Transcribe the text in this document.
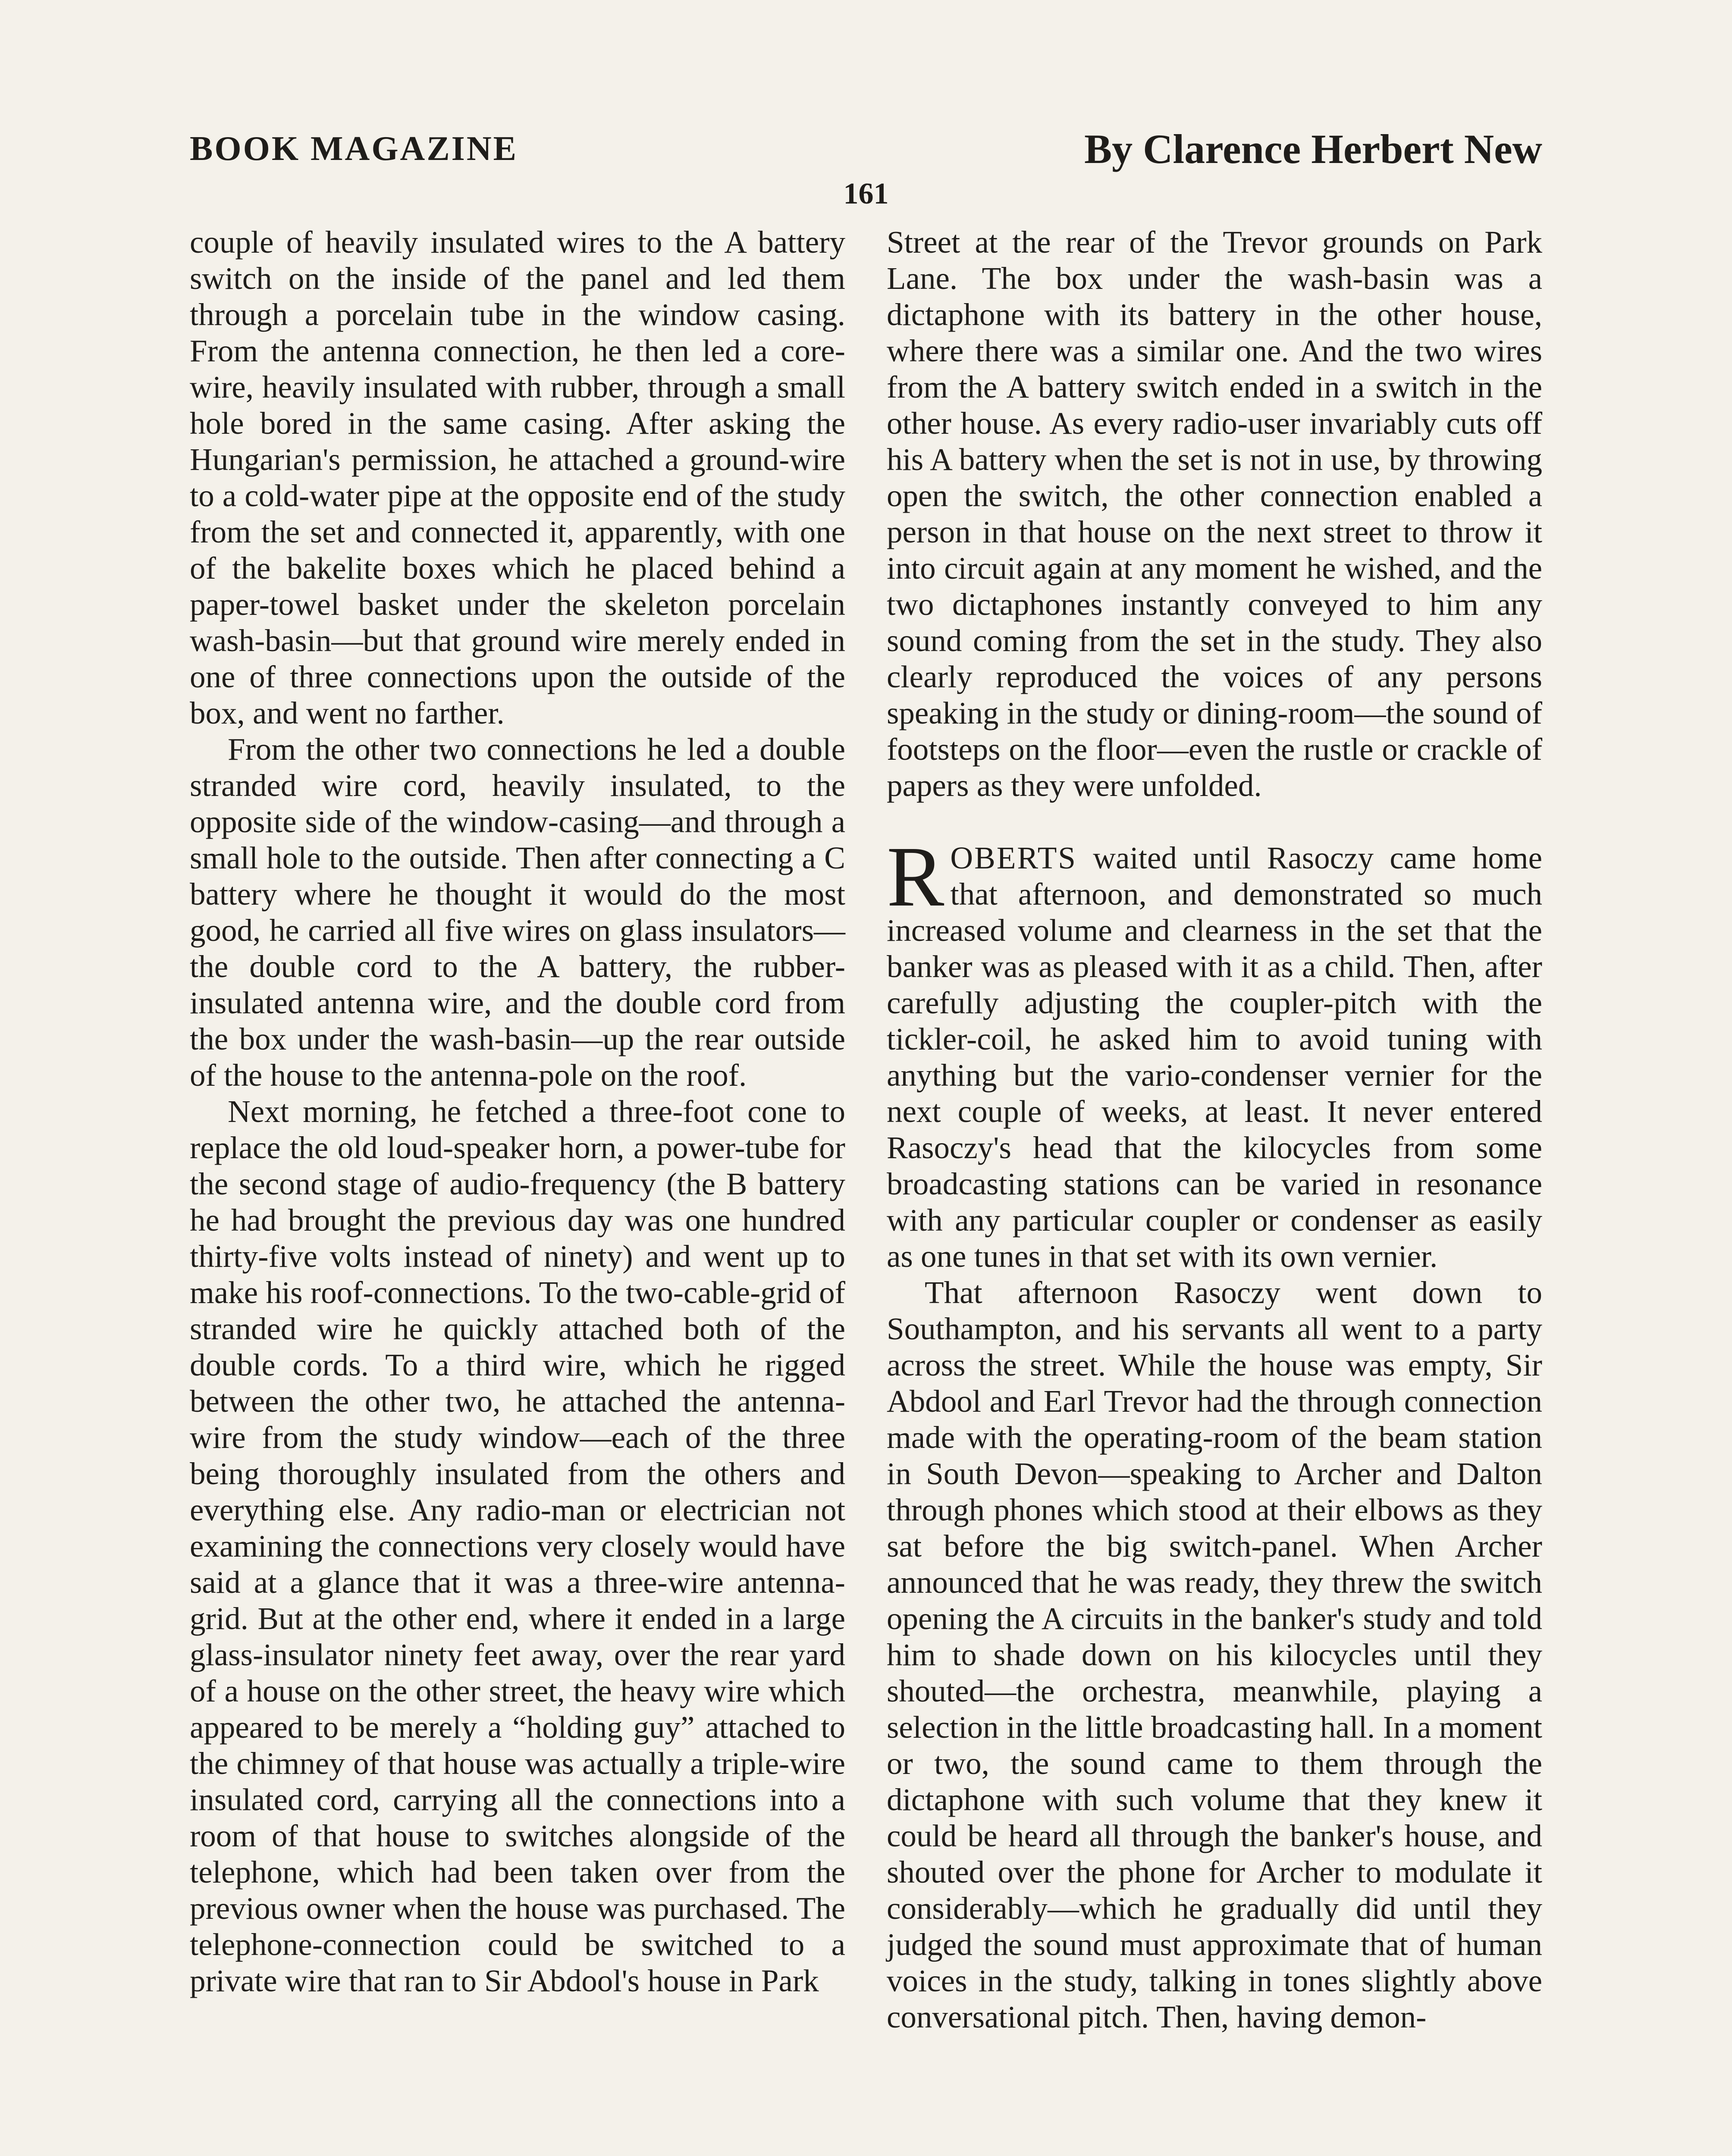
BOOK MAGAZINE	By Clarence Herbert New
161

couple of heavily insulated wires to the A battery switch on the inside of the panel and led them through a porcelain tube in the window casing. From the antenna connection, he then led a core-wire, heavily insulated with rubber, through a small hole bored in the same casing. After asking the Hungarian's permission, he attached a ground-wire to a cold-water pipe at the opposite end of the study from the set and connected it, apparently, with one of the bakelite boxes which he placed behind a paper-towel basket under the skeleton porcelain wash-basin—but that ground wire merely ended in one of three connections upon the outside of the box, and went no farther.

From the other two connections he led a double stranded wire cord, heavily insulated, to the opposite side of the window-casing—and through a small hole to the outside. Then after connecting a C battery where he thought it would do the most good, he carried all five wires on glass insulators—the double cord to the A battery, the rubber-insulated antenna wire, and the double cord from the box under the wash-basin—up the rear outside of the house to the antenna-pole on the roof.

Next morning, he fetched a three-foot cone to replace the old loud-speaker horn, a power-tube for the second stage of audio-frequency (the B battery he had brought the previous day was one hundred thirty-five volts instead of ninety) and went up to make his roof-connections. To the two-cable-grid of stranded wire he quickly attached both of the double cords. To a third wire, which he rigged between the other two, he attached the antenna-wire from the study window—each of the three being thoroughly insulated from the others and everything else. Any radio-man or electrician not examining the connections very closely would have said at a glance that it was a three-wire antenna-grid. But at the other end, where it ended in a large glass-insulator ninety feet away, over the rear yard of a house on the other street, the heavy wire which appeared to be merely a “holding guy” attached to the chimney of that house was actually a triple-wire insulated cord, carrying all the connections into a room of that house to switches alongside of the telephone, which had been taken over from the previous owner when the house was purchased. The telephone-connection could be switched to a private wire that ran to Sir Abdool's house in Park

Street at the rear of the Trevor grounds on Park Lane. The box under the wash-basin was a dictaphone with its battery in the other house, where there was a similar one. And the two wires from the A battery switch ended in a switch in the other house. As every radio-user invariably cuts off his A battery when the set is not in use, by throwing open the switch, the other connection enabled a person in that house on the next street to throw it into circuit again at any moment he wished, and the two dictaphones instantly conveyed to him any sound coming from the set in the study. They also clearly reproduced the voices of any persons speaking in the study or dining-room—the sound of footsteps on the floor—even the rustle or crackle of papers as they were unfolded.

ROBERTS waited until Rasoczy came home that afternoon, and demonstrated so much increased volume and clearness in the set that the banker was as pleased with it as a child. Then, after carefully adjusting the coupler-pitch with the tickler-coil, he asked him to avoid tuning with anything but the vario-condenser vernier for the next couple of weeks, at least. It never entered Rasoczy's head that the kilocycles from some broadcasting stations can be varied in resonance with any particular coupler or condenser as easily as one tunes in that set with its own vernier.

That afternoon Rasoczy went down to Southampton, and his servants all went to a party across the street. While the house was empty, Sir Abdool and Earl Trevor had the through connection made with the operating-room of the beam station in South Devon—speaking to Archer and Dalton through phones which stood at their elbows as they sat before the big switch-panel. When Archer announced that he was ready, they threw the switch opening the A circuits in the banker's study and told him to shade down on his kilocycles until they shouted—the orchestra, meanwhile, playing a selection in the little broadcasting hall. In a moment or two, the sound came to them through the dictaphone with such volume that they knew it could be heard all through the banker's house, and shouted over the phone for Archer to modulate it considerably—which he gradually did until they judged the sound must approximate that of human voices in the study, talking in tones slightly above conversational pitch. Then, having demon-
